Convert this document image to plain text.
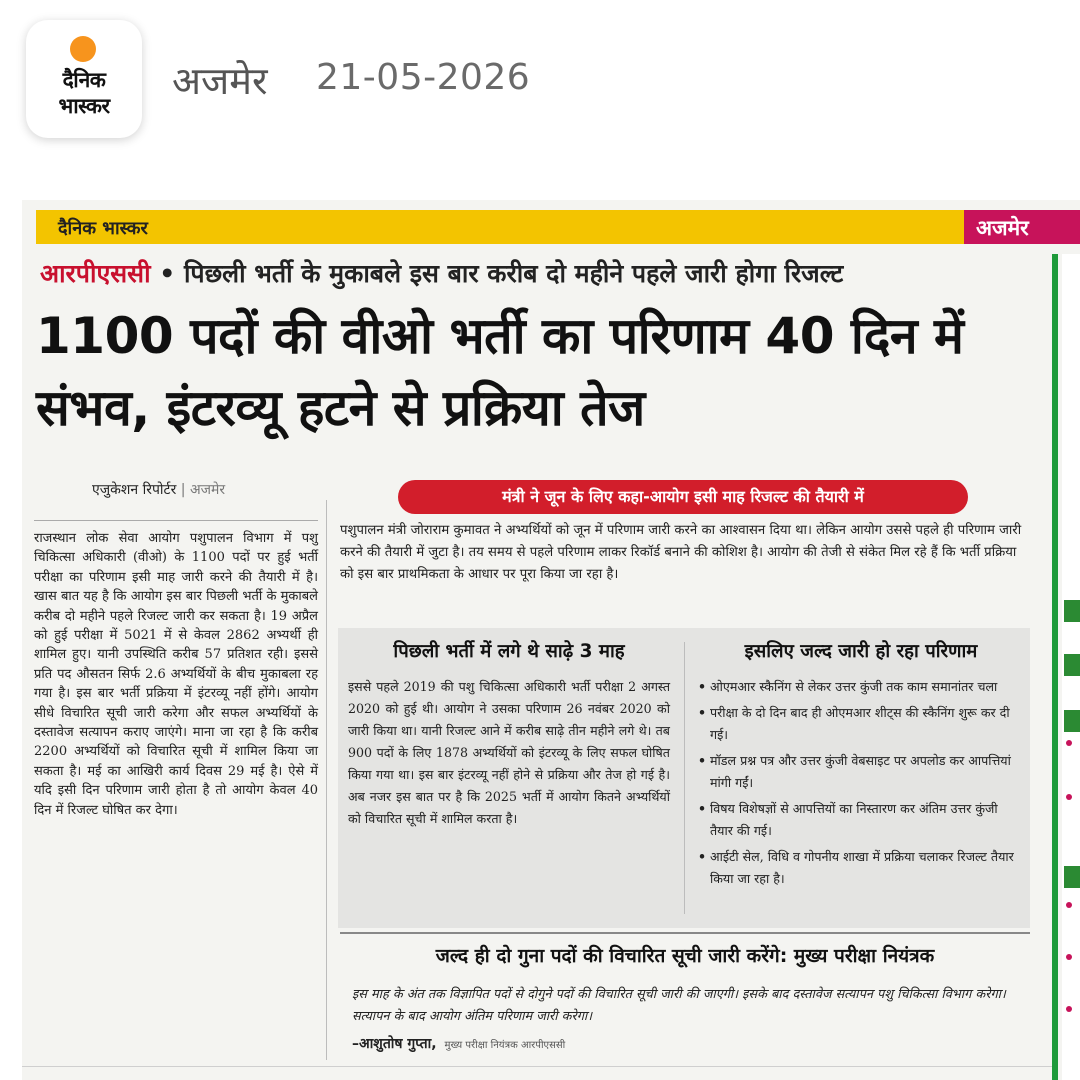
दैनिक
भास्कर
अजमेर 21-05-2026
दैनिक भास्कर	अजमेर
आरपीएससी • पिछली भर्ती के मुकाबले इस बार करीब दो महीने पहले जारी होगा रिजल्ट
1100 पदों की वीओ भर्ती का परिणाम 40 दिन में संभव, इंटरव्यू हटने से प्रक्रिया तेज
एजुकेशन रिपोर्टर | अजमेर
राजस्थान लोक सेवा आयोग पशुपालन विभाग में पशु चिकित्सा अधिकारी (वीओ) के 1100 पदों पर हुई भर्ती परीक्षा का परिणाम इसी माह जारी करने की तैयारी में है। खास बात यह है कि आयोग इस बार पिछली भर्ती के मुकाबले करीब दो महीने पहले रिजल्ट जारी कर सकता है। 19 अप्रैल को हुई परीक्षा में 5021 में से केवल 2862 अभ्यर्थी ही शामिल हुए। यानी उपस्थिति करीब 57 प्रतिशत रही। इससे प्रति पद औसतन सिर्फ 2.6 अभ्यर्थियों के बीच मुकाबला रह गया है। इस बार भर्ती प्रक्रिया में इंटरव्यू नहीं होंगे। आयोग सीधे विचारित सूची जारी करेगा और सफल अभ्यर्थियों के दस्तावेज सत्यापन कराए जाएंगे। माना जा रहा है कि करीब 2200 अभ्यर्थियों को विचारित सूची में शामिल किया जा सकता है। मई का आखिरी कार्य दिवस 29 मई है। ऐसे में यदि इसी दिन परिणाम जारी होता है तो आयोग केवल 40 दिन में रिजल्ट घोषित कर देगा।
मंत्री ने जून के लिए कहा-आयोग इसी माह रिजल्ट की तैयारी में
पशुपालन मंत्री जोराराम कुमावत ने अभ्यर्थियों को जून में परिणाम जारी करने का आश्वासन दिया था। लेकिन आयोग उससे पहले ही परिणाम जारी करने की तैयारी में जुटा है। तय समय से पहले परिणाम लाकर रिकॉर्ड बनाने की कोशिश है। आयोग की तेजी से संकेत मिल रहे हैं कि भर्ती प्रक्रिया को इस बार प्राथमिकता के आधार पर पूरा किया जा रहा है।
पिछली भर्ती में लगे थे साढ़े 3 माह
इससे पहले 2019 की पशु चिकित्सा अधिकारी भर्ती परीक्षा 2 अगस्त 2020 को हुई थी। आयोग ने उसका परिणाम 26 नवंबर 2020 को जारी किया था। यानी रिजल्ट आने में करीब साढ़े तीन महीने लगे थे। तब 900 पदों के लिए 1878 अभ्यर्थियों को इंटरव्यू के लिए सफल घोषित किया गया था। इस बार इंटरव्यू नहीं होने से प्रक्रिया और तेज हो गई है। अब नजर इस बात पर है कि 2025 भर्ती में आयोग कितने अभ्यर्थियों को विचारित सूची में शामिल करता है।
इसलिए जल्द जारी हो रहा परिणाम
• ओएमआर स्कैनिंग से लेकर उत्तर कुंजी तक काम समानांतर चला
• परीक्षा के दो दिन बाद ही ओएमआर शीट्स की स्कैनिंग शुरू कर दी गई।
• मॉडल प्रश्न पत्र और उत्तर कुंजी वेबसाइट पर अपलोड कर आपत्तियां मांगी गईं।
• विषय विशेषज्ञों से आपत्तियों का निस्तारण कर अंतिम उत्तर कुंजी तैयार की गई।
• आईटी सेल, विधि व गोपनीय शाखा में प्रक्रिया चलाकर रिजल्ट तैयार किया जा रहा है।
जल्द ही दो गुना पदों की विचारित सूची जारी करेंगे: मुख्य परीक्षा नियंत्रक
इस माह के अंत तक विज्ञापित पदों से दोगुने पदों की विचारित सूची जारी की जाएगी। इसके बाद दस्तावेज सत्यापन पशु चिकित्सा विभाग करेगा। सत्यापन के बाद आयोग अंतिम परिणाम जारी करेगा।
–आशुतोष गुप्ता, मुख्य परीक्षा नियंत्रक आरपीएससी
